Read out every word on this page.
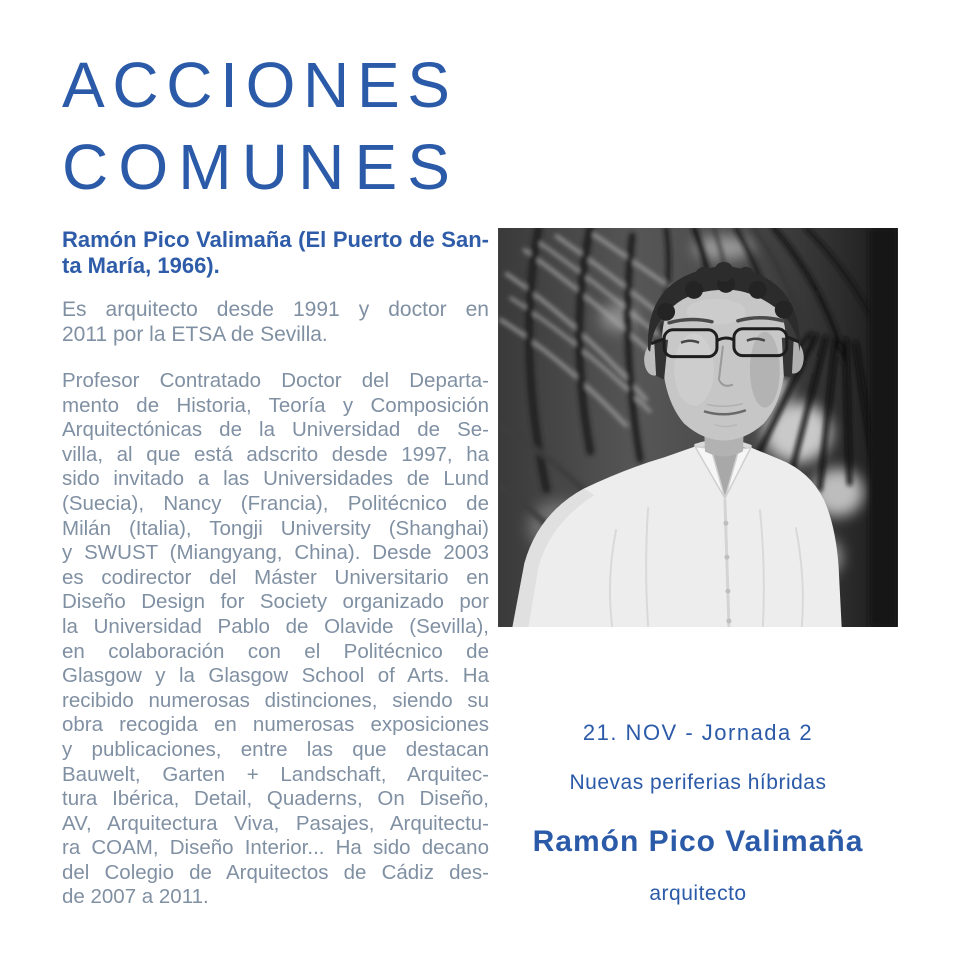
A C C I O N E S
C O M U N E S
Ramón Pico Valimaña (El Puerto de San-
ta María, 1966).
Es arquitecto desde 1991 y doctor en
2011 por la ETSA de Sevilla.
Profesor Contratado Doctor del Departa-
mento de Historia, Teoría y Composición
Arquitectónicas de la Universidad de Se-
villa, al que está adscrito desde 1997, ha
sido invitado a las Universidades de Lund
(Suecia), Nancy (Francia), Politécnico de
Milán (Italia), Tongji University (Shanghai)
y SWUST (Miangyang, China). Desde 2003
es codirector del Máster Universitario en
Diseño Design for Society organizado por
la Universidad Pablo de Olavide (Sevilla),
en colaboración con el Politécnico de
Glasgow y la Glasgow School of Arts. Ha
recibido numerosas distinciones, siendo su
obra recogida en numerosas exposiciones
y publicaciones, entre las que destacan
Bauwelt, Garten + Landschaft, Arquitec-
tura Ibérica, Detail, Quaderns, On Diseño,
AV, Arquitectura Viva, Pasajes, Arquitectu-
ra COAM, Diseño Interior... Ha sido decano
del Colegio de Arquitectos de Cádiz des-
de 2007 a 2011.
21. NOV - Jornada 2
Nuevas periferias híbridas
Ramón Pico Valimaña
arquitecto
